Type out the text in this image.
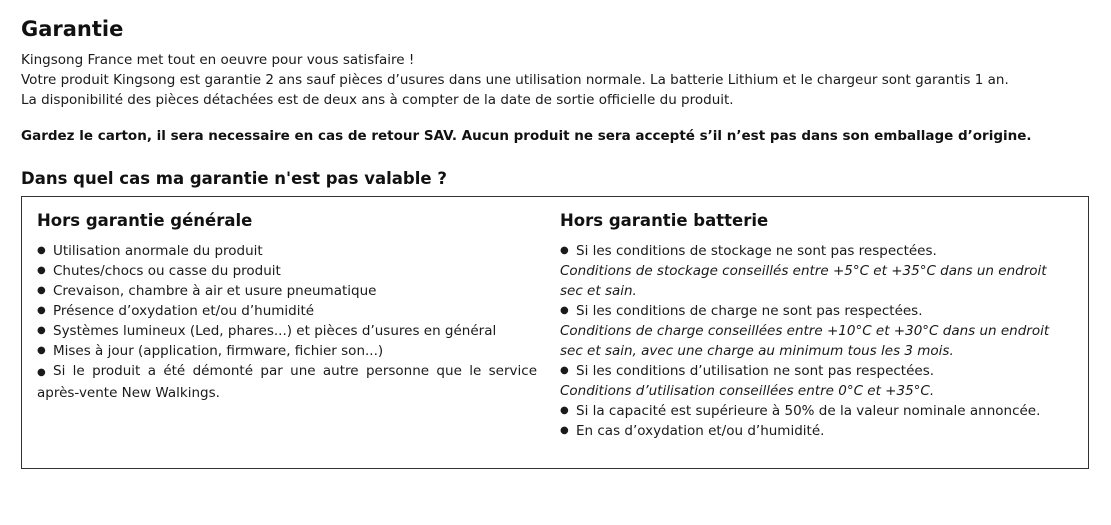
Garantie

Kingsong France met tout en oeuvre pour vous satisfaire !

Votre produit Kingsong est garantie 2 ans sauf pièces d’usures dans une utilisation normale. La batterie Lithium et le chargeur sont garantis 1 an.

La disponibilité des pièces détachées est de deux ans à compter de la date de sortie officielle du produit.

Gardez le carton, il sera necessaire en cas de retour SAV. Aucun produit ne sera accepté s’il n’est pas dans son emballage d’origine.
Dans quel cas ma garantie n'est pas valable ?
Hors garantie générale
● Utilisation anormale du produit
● Chutes/chocs ou casse du produit
● Crevaison, chambre à air et usure pneumatique
● Présence d’oxydation et/ou d’humidité
● Systèmes lumineux (Led, phares...) et pièces d’usures en général
● Mises à jour (application, firmware, fichier son...)
● Si le produit a été démonté par une autre personne que le service après-vente New Walkings.
Hors garantie batterie
● Si les conditions de stockage ne sont pas respectées.
Conditions de stockage conseillés entre +5°C et +35°C dans un endroit sec et sain.
● Si les conditions de charge ne sont pas respectées.
Conditions de charge conseillées entre +10°C et +30°C dans un endroit sec et sain, avec une charge au minimum tous les 3 mois.
● Si les conditions d’utilisation ne sont pas respectées.
Conditions d’utilisation conseillées entre 0°C et +35°C.
● Si la capacité est supérieure à 50% de la valeur nominale annoncée.
● En cas d’oxydation et/ou d’humidité.
